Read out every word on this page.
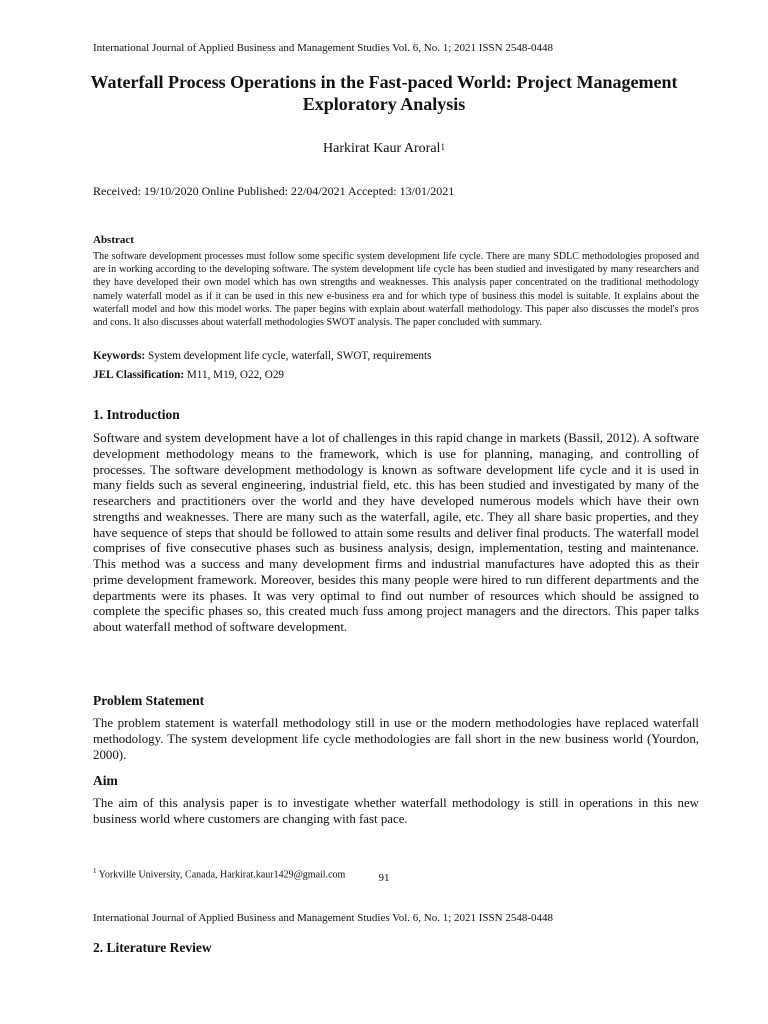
International Journal of Applied Business and Management Studies Vol. 6, No. 1; 2021 ISSN 2548-0448
Waterfall Process Operations in the Fast-paced World: Project Management Exploratory Analysis
Harkirat Kaur Aroral$^1$
Received: 19/10/2020 Online Published: 22/04/2021 Accepted: 13/01/2021
Abstract
The software development processes must follow some specific system development life cycle. There are many SDLC methodologies proposed and are in working according to the developing software. The system development life cycle has been studied and investigated by many researchers and they have developed their own model which has own strengths and weaknesses. This analysis paper concentrated on the traditional methodology namely waterfall model as if it can be used in this new e-business era and for which type of business this model is suitable. It explains about the waterfall model and how this model works. The paper begins with explain about waterfall methodology. This paper also discusses the model's pros and cons. It also discusses about waterfall methodologies SWOT analysis. The paper concluded with summary.
Keywords: System development life cycle, waterfall, SWOT, requirements
JEL Classification: M11, M19, O22, O29
1. Introduction
Software and system development have a lot of challenges in this rapid change in markets (Bassil, 2012). A software development methodology means to the framework, which is use for planning, managing, and controlling of processes. The software development methodology is known as software development life cycle and it is used in many fields such as several engineering, industrial field, etc. this has been studied and investigated by many of the researchers and practitioners over the world and they have developed numerous models which have their own strengths and weaknesses. There are many such as the waterfall, agile, etc. They all share basic properties, and they have sequence of steps that should be followed to attain some results and deliver final products. The waterfall model comprises of five consecutive phases such as business analysis, design, implementation, testing and maintenance. This method was a success and many development firms and industrial manufactures have adopted this as their prime development framework. Moreover, besides this many people were hired to run different departments and the departments were its phases. It was very optimal to find out number of resources which should be assigned to complete the specific phases so, this created much fuss among project managers and the directors. This paper talks about waterfall method of software development.
Problem Statement
The problem statement is waterfall methodology still in use or the modern methodologies have replaced waterfall methodology. The system development life cycle methodologies are fall short in the new business world (Yourdon, 2000).
Aim
The aim of this analysis paper is to investigate whether waterfall methodology is still in operations in this new business world where customers are changing with fast pace.
$^1$ Yorkville University, Canada, Harkirat.kaur1429@gmail.com	91
International Journal of Applied Business and Management Studies Vol. 6, No. 1; 2021 ISSN 2548-0448
2. Literature Review
